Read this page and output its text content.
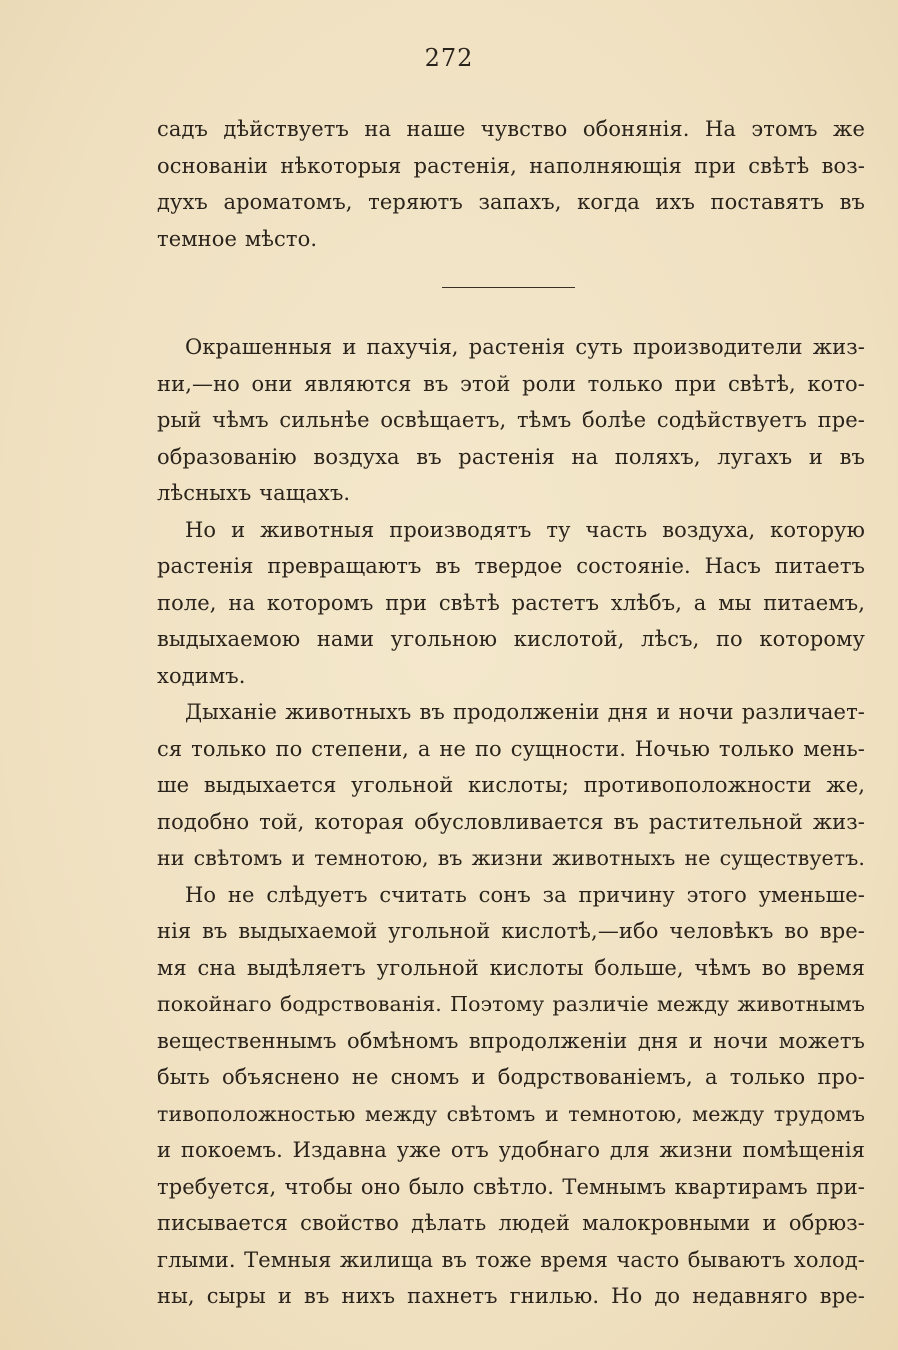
272
садъ дѣйствуетъ на наше чувство обонянія. На этомъ же
основаніи нѣкоторыя растенія, наполняющія при свѣтѣ воз-
духъ ароматомъ, теряютъ запахъ, когда ихъ поставятъ въ
темное мѣсто.
Окрашенныя и пахучія, растенія суть производители жиз-
ни,—но они являются въ этой роли только при свѣтѣ, кото-
рый чѣмъ сильнѣе освѣщаетъ, тѣмъ болѣе содѣйствуетъ пре-
образованію воздуха въ растенія на поляхъ, лугахъ и въ
лѣсныхъ чащахъ.
Но и животныя производятъ ту часть воздуха, которую
растенія превращаютъ въ твердое состояніе. Насъ питаетъ
поле, на которомъ при свѣтѣ растетъ хлѣбъ, а мы питаемъ,
выдыхаемою нами угольною кислотой, лѣсъ, по которому
ходимъ.
Дыханіе животныхъ въ продолженіи дня и ночи различает-
ся только по степени, а не по сущности. Ночью только мень-
ше выдыхается угольной кислоты; противоположности же,
подобно той, которая обусловливается въ растительной жиз-
ни свѣтомъ и темнотою, въ жизни животныхъ не существуетъ.
Но не слѣдуетъ считать сонъ за причину этого уменьше-
нія въ выдыхаемой угольной кислотѣ,—ибо человѣкъ во вре-
мя сна выдѣляетъ угольной кислоты больше, чѣмъ во время
покойнаго бодрствованія. Поэтому различіе между животнымъ
вещественнымъ обмѣномъ впродолженіи дня и ночи можетъ
быть объяснено не сномъ и бодрствованіемъ, а только про-
тивоположностью между свѣтомъ и темнотою, между трудомъ
и покоемъ. Издавна уже отъ удобнаго для жизни помѣщенія
требуется, чтобы оно было свѣтло. Темнымъ квартирамъ при-
писывается свойство дѣлать людей малокровными и обрюз-
глыми. Темныя жилища въ тоже время часто бываютъ холод-
ны, сыры и въ нихъ пахнетъ гнилью. Но до недавняго вре-
